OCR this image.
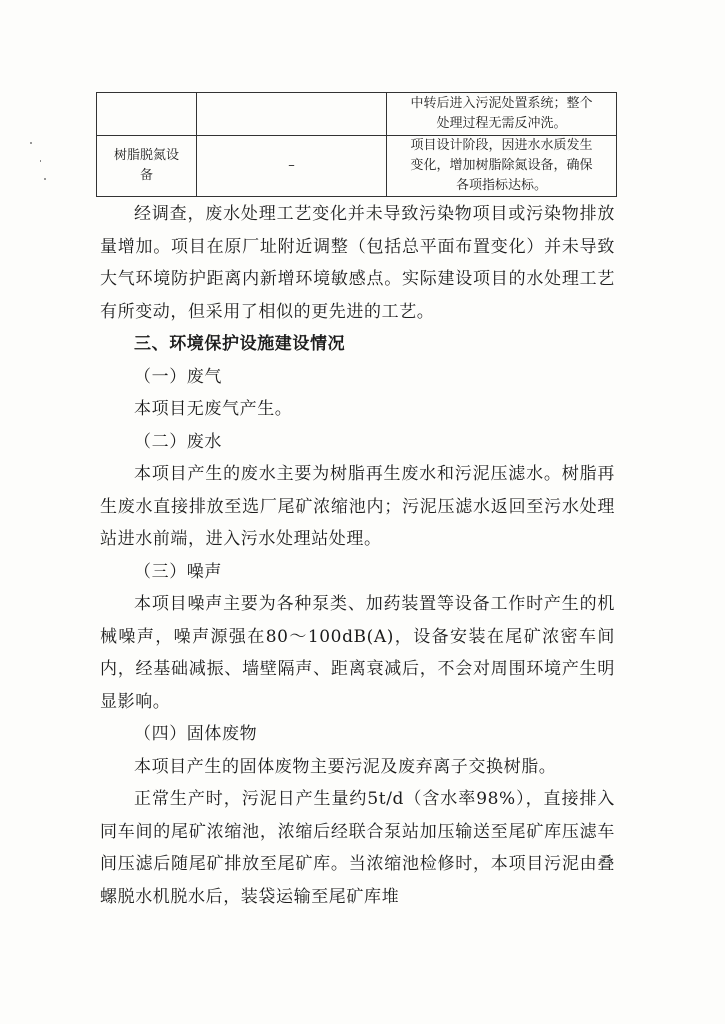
		中转后进入污泥处置系统；整个
处理过程无需反冲洗。
树脂脱氮设
备	–	项目设计阶段，因进水水质发生
变化，增加树脂除氮设备，确保
各项指标达标。

经调查，废水处理工艺变化并未导致污染物项目或污染物排放量增加。项目在原厂址附近调整（包括总平面布置变化）并未导致大气环境防护距离内新增环境敏感点。实际建设项目的水处理工艺有所变动，但采用了相似的更先进的工艺。

三、环境保护设施建设情况

（一）废气

本项目无废气产生。

（二）废水

本项目产生的废水主要为树脂再生废水和污泥压滤水。树脂再生废水直接排放至选厂尾矿浓缩池内；污泥压滤水返回至污水处理站进水前端，进入污水处理站处理。

（三）噪声

本项目噪声主要为各种泵类、加药装置等设备工作时产生的机械噪声，噪声源强在80～100dB(A)，设备安装在尾矿浓密车间内，经基础减振、墙壁隔声、距离衰减后，不会对周围环境产生明显影响。

（四）固体废物

本项目产生的固体废物主要污泥及废弃离子交换树脂。

正常生产时，污泥日产生量约5t/d（含水率98%），直接排入同车间的尾矿浓缩池，浓缩后经联合泵站加压输送至尾矿库压滤车间压滤后随尾矿排放至尾矿库。当浓缩池检修时，本项目污泥由叠螺脱水机脱水后，装袋运输至尾矿库堆
